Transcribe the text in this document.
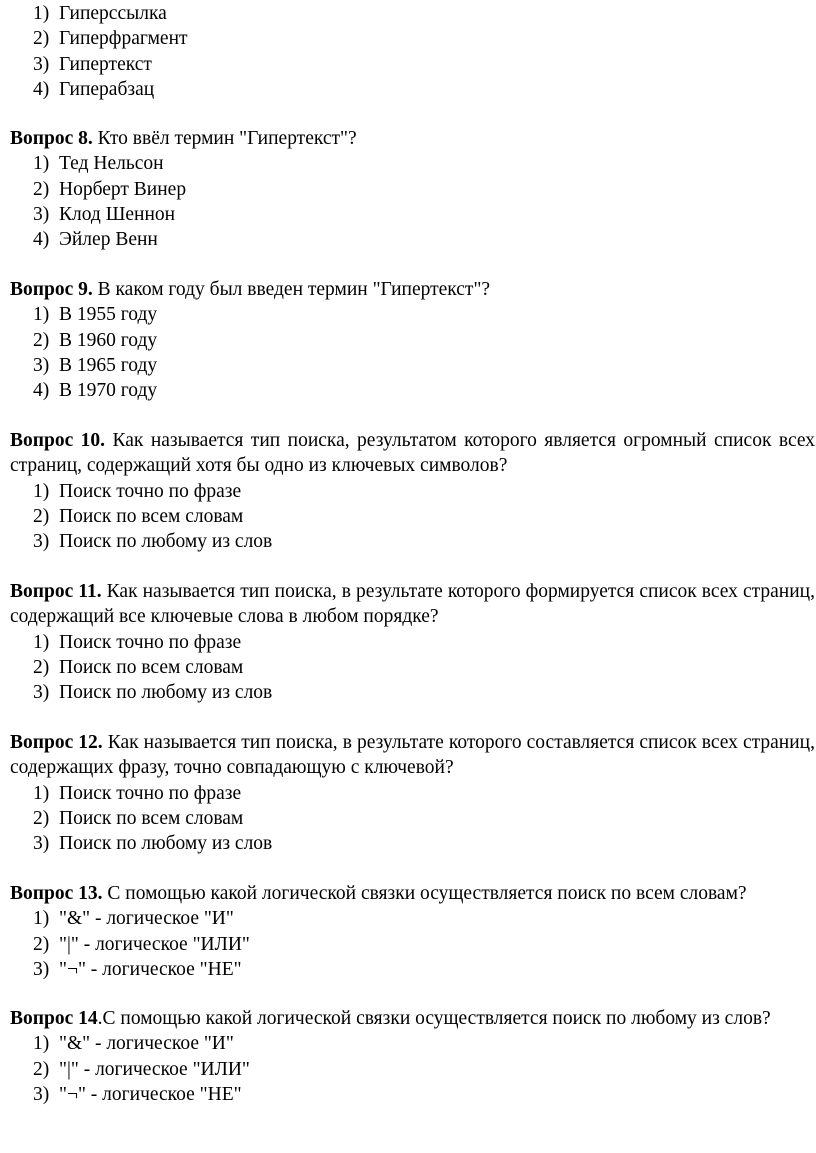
1) Гиперссылка
2) Гиперфрагмент
3) Гипертекст
4) Гиперабзац
Вопрос 8. Кто ввёл термин "Гипертекст"?
1) Тед Нельсон
2) Норберт Винер
3) Клод Шеннон
4) Эйлер Венн
Вопрос 9. В каком году был введен термин "Гипертекст"?
1) В 1955 году
2) В 1960 году
3) В 1965 году
4) В 1970 году
Вопрос 10. Как называется тип поиска, результатом которого является огромный список всех страниц, содержащий хотя бы одно из ключевых символов?
1) Поиск точно по фразе
2) Поиск по всем словам
3) Поиск по любому из слов
Вопрос 11. Как называется тип поиска, в результате которого формируется список всех страниц, содержащий все ключевые слова в любом порядке?
1) Поиск точно по фразе
2) Поиск по всем словам
3) Поиск по любому из слов
Вопрос 12. Как называется тип поиска, в результате которого составляется список всех страниц, содержащих фразу, точно совпадающую с ключевой?
1) Поиск точно по фразе
2) Поиск по всем словам
3) Поиск по любому из слов
Вопрос 13. С помощью какой логической связки осуществляется поиск по всем словам?
1) "&" - логическое "И"
2) "|" - логическое "ИЛИ"
3) "¬" - логическое "НЕ"
Вопрос 14.С помощью какой логической связки осуществляется поиск по любому из слов?
1) "&" - логическое "И"
2) "|" - логическое "ИЛИ"
3) "¬" - логическое "НЕ"
